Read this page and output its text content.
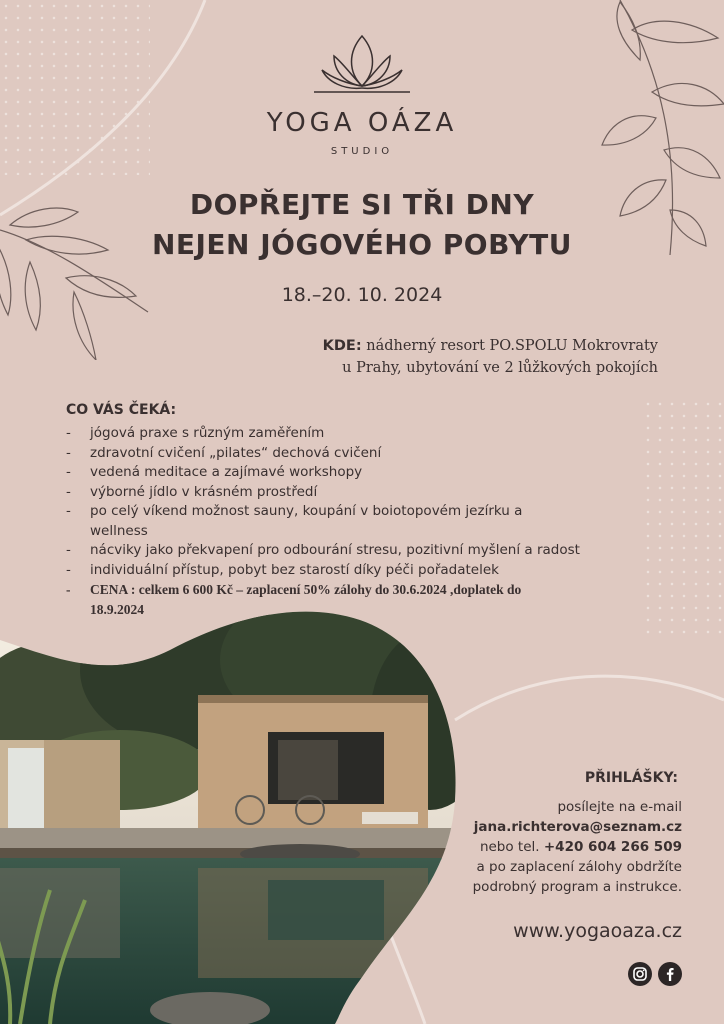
YOGA OÁZA
STUDIO
DOPŘEJTE SI TŘI DNY
NEJEN JÓGOVÉHO POBYTU
18.–20. 10. 2024
KDE: nádherný resort PO.SPOLU Mokrovraty
u Prahy, ubytování ve 2 lůžkových pokojích
CO VÁS ČEKÁ:
- jógová praxe s různým zaměřením
- zdravotní cvičení „pilates“ dechová cvičení
- vedená meditace a zajímavé workshopy
- výborné jídlo v krásném prostředí
- po celý víkend možnost sauny, koupání v boiotopovém jezírku a wellness
- nácviky jako překvapení pro odbourání stresu, pozitivní myšlení a radost
- individuální přístup, pobyt bez starostí díky péči pořadatelek
- CENA : celkem 6 600 Kč – zaplacení 50% zálohy do 30.6.2024 ,doplatek do 18.9.2024
PŘIHLÁŠKY:
posílejte na e-mail
jana.richterova@seznam.cz
nebo tel. +420 604 266 509
a po zaplacení zálohy obdržíte
podrobný program a instrukce.
www.yogaoaza.cz
